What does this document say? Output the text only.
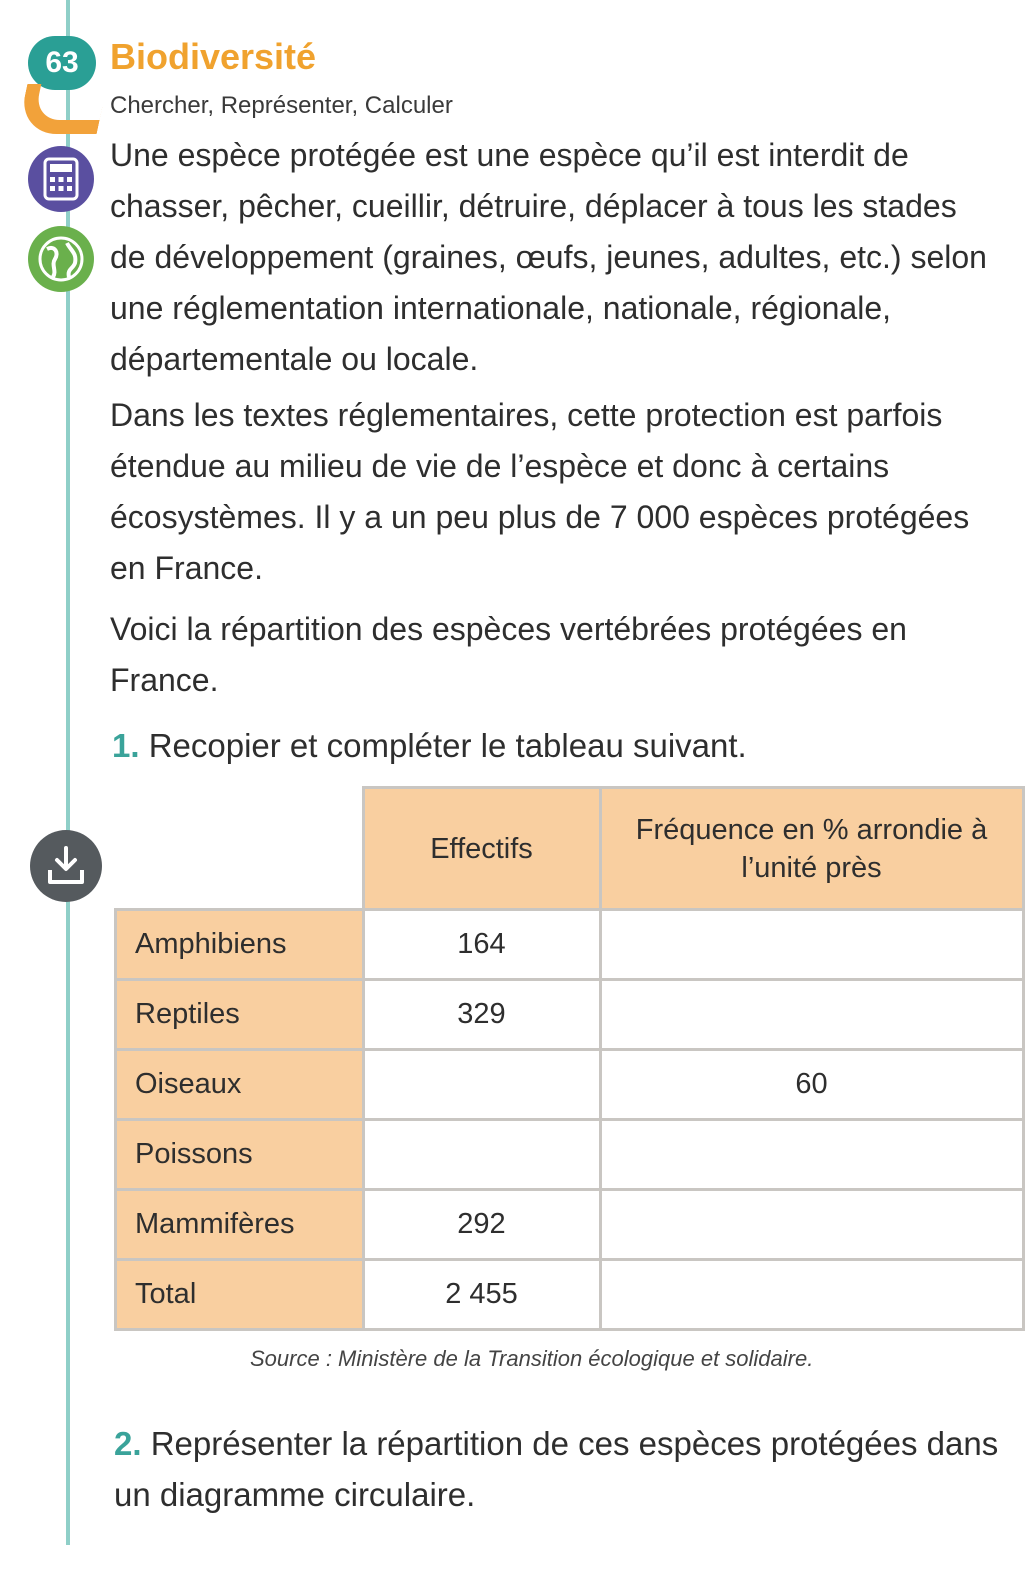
63 Biodiversité
Chercher, Représenter, Calculer

Une espèce protégée est une espèce qu’il est interdit de chasser, pêcher, cueillir, détruire, déplacer à tous les stades de développement (graines, œufs, jeunes, adultes, etc.) selon une réglementation internationale, nationale, régionale, départementale ou locale.

Dans les textes réglementaires, cette protection est parfois étendue au milieu de vie de l’espèce et donc à certains écosystèmes. Il y a un peu plus de 7 000 espèces protégées en France.

Voici la répartition des espèces vertébrées protégées en France.

1. Recopier et compléter le tableau suivant.
	Effectifs	Fréquence en % arrondie à l’unité près
Amphibiens	164	
Reptiles	329	
Oiseaux		60
Poissons		
Mammifères	292	
Total	2 455	
Source : Ministère de la Transition écologique et solidaire.
2. Représenter la répartition de ces espèces protégées dans un diagramme circulaire.
